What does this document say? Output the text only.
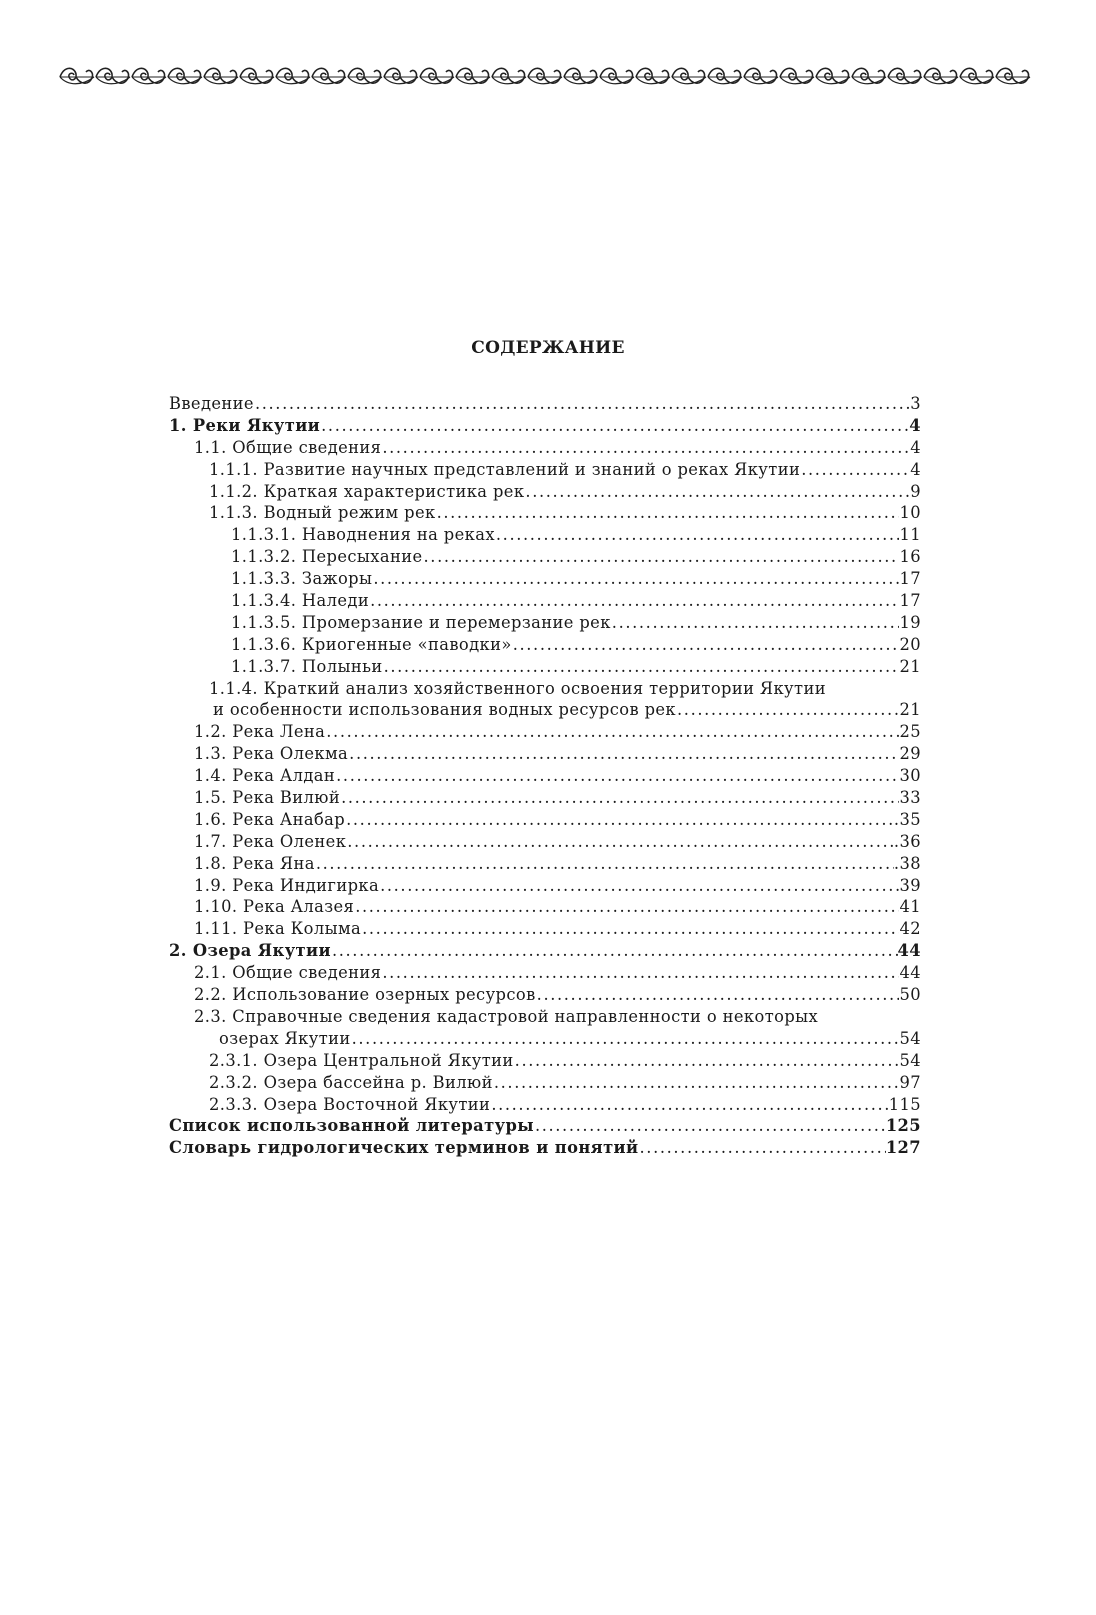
СОДЕРЖАНИЕ
Введение .....	3
1. Реки Якутии .....	4
1.1. Общие сведения .....	4
1.1.1. Развитие научных представлений и знаний о реках Якутии .....	4
1.1.2. Краткая характеристика рек .....	9
1.1.3. Водный режим рек .....	10
1.1.3.1. Наводнения на реках .....	11
1.1.3.2. Пересыхание .....	16
1.1.3.3. Зажоры .....	17
1.1.3.4. Наледи .....	17
1.1.3.5. Промерзание и перемерзание рек .....	19
1.1.3.6. Криогенные «паводки» .....	20
1.1.3.7. Полыньи .....	21
1.1.4. Краткий анализ хозяйственного освоения территории Якутии
и особенности использования водных ресурсов рек .....	21
1.2. Река Лена .....	25
1.3. Река Олекма .....	29
1.4. Река Алдан .....	30
1.5. Река Вилюй .....	33
1.6. Река Анабар .....	.35
1.7. Река Оленек .....	.36
1.8. Река Яна .....	.38
1.9. Река Индигирка .....	39
1.10. Река Алазея .....	41
1.11. Река Колыма .....	42
2. Озера Якутии .....	44
2.1. Общие сведения .....	44
2.2. Использование озерных ресурсов .....	50
2.3. Справочные сведения кадастровой направленности о некоторых
озерах Якутии .....	54
2.3.1. Озера Центральной Якутии .....	54
2.3.2. Озера бассейна р. Вилюй .....	97
2.3.3. Озера Восточной Якутии .....	115
Список использованной литературы .....	125
Словарь гидрологических терминов и понятий .....	127
